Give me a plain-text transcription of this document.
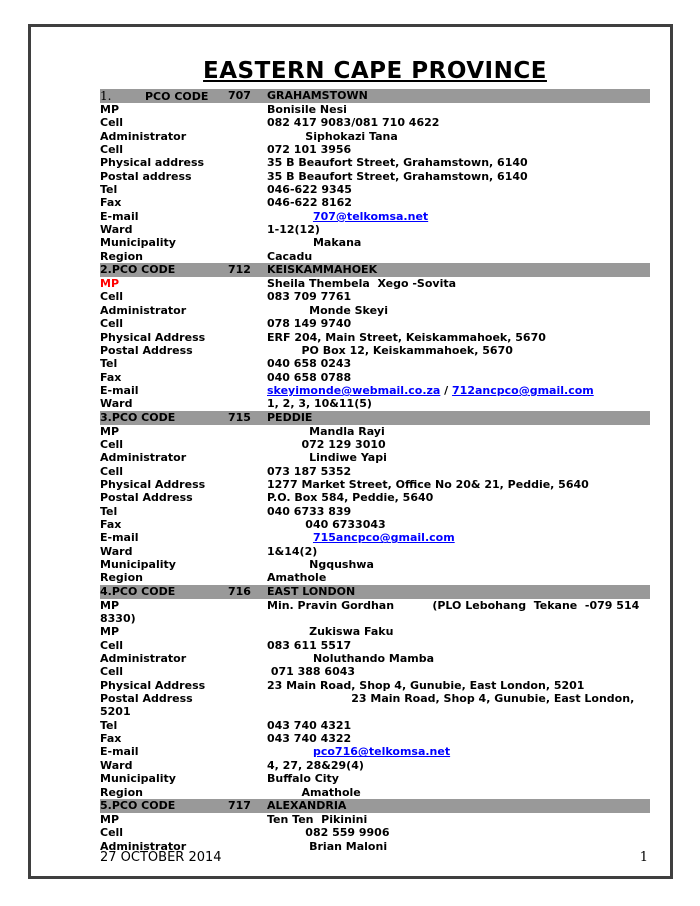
EASTERN CAPE PROVINCE
1.	PCO CODE 707 GRAHAMSTOWN
MP	Bonisile Nesi
Cell	082 417 9083/081 710 4622
Administrator	Siphokazi Tana
Cell	072 101 3956
Physical address	35 B Beaufort Street, Grahamstown, 6140
Postal address	35 B Beaufort Street, Grahamstown, 6140
Tel	046-622 9345
Fax	046-622 8162
E-mail	707@telkomsa.net
Ward	1-12(12)
Municipality	Makana
Region	Cacadu
2.PCO CODE	712 KEISKAMMAHOEK
MP	Sheila Thembela  Xego -Sovita
Cell	083 709 7761
Administrator	Monde Skeyi
Cell	078 149 9740
Physical Address	ERF 204, Main Street, Keiskammahoek, 5670
Postal Address	PO Box 12, Keiskammahoek, 5670
Tel	040 658 0243
Fax	040 658 0788
E-mail	skeyimonde@webmail.co.za / 712ancpco@gmail.com
Ward	1, 2, 3, 10&11(5)
3.PCO CODE	715 PEDDIE
MP	Mandla Rayi
Cell	072 129 3010
Administrator	Lindiwe Yapi
Cell	073 187 5352
Physical Address	1277 Market Street, Office No 20& 21, Peddie, 5640
Postal Address	P.O. Box 584, Peddie, 5640
Tel	040 6733 839
Fax	040 6733043
E-mail	715ancpco@gmail.com
Ward	1&14(2)
Municipality	Ngqushwa
Region	Amathole
4.PCO CODE	716 EAST LONDON
MP	Min. Pravin Gordhan          (PLO Lebohang  Tekane  -079 514
8330)
MP	Zukiswa Faku
Cell	083 611 5517
Administrator	Noluthando Mamba
Cell	071 388 6043
Physical Address	23 Main Road, Shop 4, Gunubie, East London, 5201
Postal Address	23 Main Road, Shop 4, Gunubie, East London,
5201
Tel	043 740 4321
Fax	043 740 4322
E-mail	pco716@telkomsa.net
Ward	4, 27, 28&29(4)
Municipality	Buffalo City
Region	Amathole
5.PCO CODE	717 ALEXANDRIA
MP	Ten Ten  Pikinini
Cell	082 559 9906
Administrator	Brian Maloni
27 OCTOBER 2014	1
